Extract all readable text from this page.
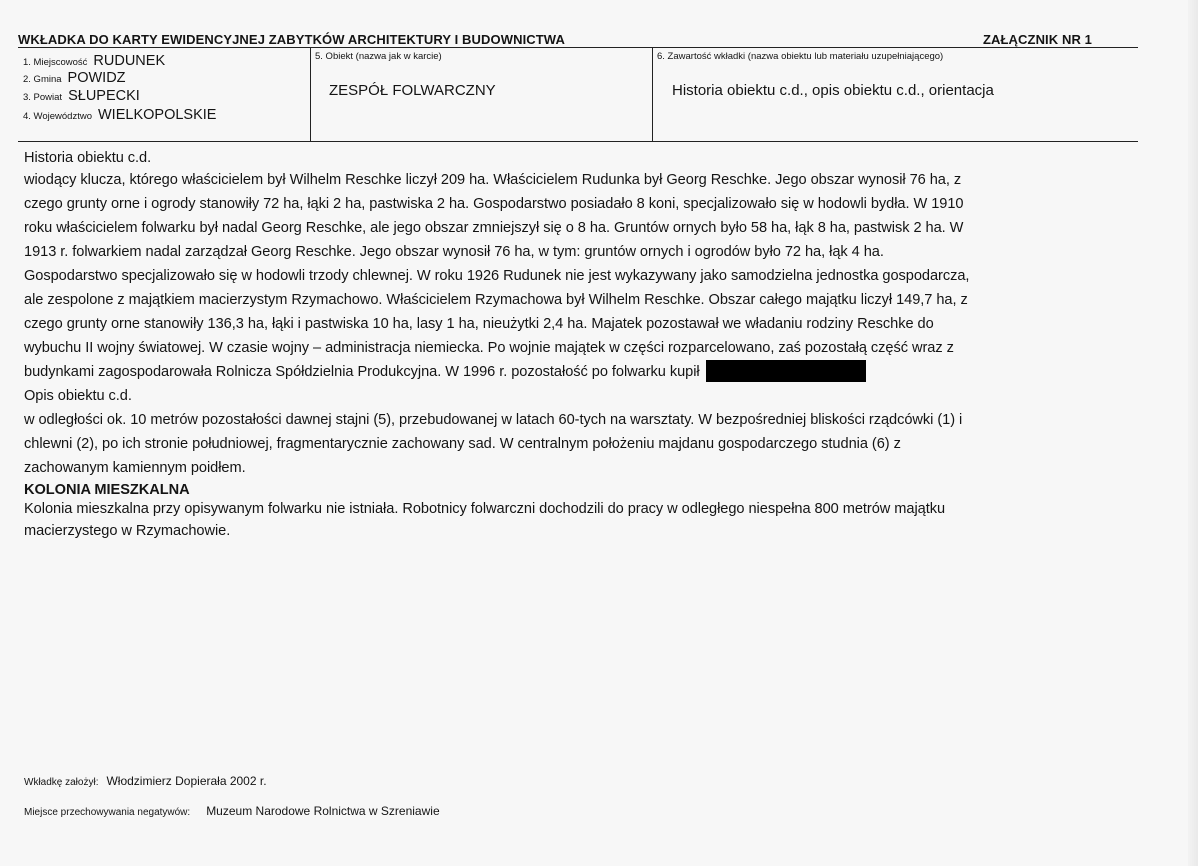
WKŁADKA DO KARTY EWIDENCYJNEJ ZABYTKÓW ARCHITEKTURY I BUDOWNICTWA	ZAŁĄCZNIK NR 1
1. Miejscowość RUDUNEK
2. Gmina POWIDZ
3. Powiat SŁUPECKI
4. Województwo WIELKOPOLSKIE
5. Obiekt (nazwa jak w karcie)
ZESPÓŁ FOLWARCZNY
6. Zawartość wkładki (nazwa obiektu lub materiału uzupełniającego)
Historia obiektu c.d., opis obiektu c.d., orientacja
Historia obiektu c.d.
wiodący klucza, którego właścicielem był Wilhelm Reschke liczył 209 ha. Właścicielem Rudunka był Georg Reschke. Jego obszar wynosił 76 ha, z
czego grunty orne i ogrody stanowiły 72 ha, łąki 2 ha, pastwiska 2 ha. Gospodarstwo posiadało 8 koni, specjalizowało się w hodowli bydła. W 1910
roku właścicielem folwarku był nadal Georg Reschke, ale jego obszar zmniejszył się o 8 ha. Gruntów ornych było 58 ha, łąk 8 ha, pastwisk 2 ha. W
1913 r. folwarkiem nadal zarządzał Georg Reschke. Jego obszar wynosił 76 ha, w tym: gruntów ornych i ogrodów było 72 ha, łąk 4 ha.
Gospodarstwo specjalizowało się w hodowli trzody chlewnej. W roku 1926 Rudunek nie jest wykazywany jako samodzielna jednostka gospodarcza,
ale zespolone z majątkiem macierzystym Rzymachowo. Właścicielem Rzymachowa był Wilhelm Reschke. Obszar całego majątku liczył 149,7 ha, z
czego grunty orne stanowiły 136,3 ha, łąki i pastwiska 10 ha, lasy 1 ha, nieużytki 2,4 ha. Majatek pozostawał we władaniu rodziny Reschke do
wybuchu II wojny światowej. W czasie wojny – administracja niemiecka. Po wojnie majątek w części rozparcelowano, zaś pozostałą część wraz z
budynkami zagospodarowała Rolnicza Spółdzielnia Produkcyjna. W 1996 r. pozostałość po folwarku kupił
Opis obiektu c.d.
w odległości ok. 10 metrów pozostałości dawnej stajni (5), przebudowanej w latach 60-tych na warsztaty. W bezpośredniej bliskości rządcówki (1) i
chlewni (2), po ich stronie południowej, fragmentarycznie zachowany sad. W centralnym położeniu majdanu gospodarczego studnia (6) z
zachowanym kamiennym poidłem.
KOLONIA MIESZKALNA
Kolonia mieszkalna przy opisywanym folwarku nie istniała. Robotnicy folwarczni dochodzili do pracy w odległego niespełna 800 metrów majątku
macierzystego w Rzymachowie.
Wkładkę założył: Włodzimierz Dopierała 2002 r.
Miejsce przechowywania negatywów: Muzeum Narodowe Rolnictwa w Szreniawie
